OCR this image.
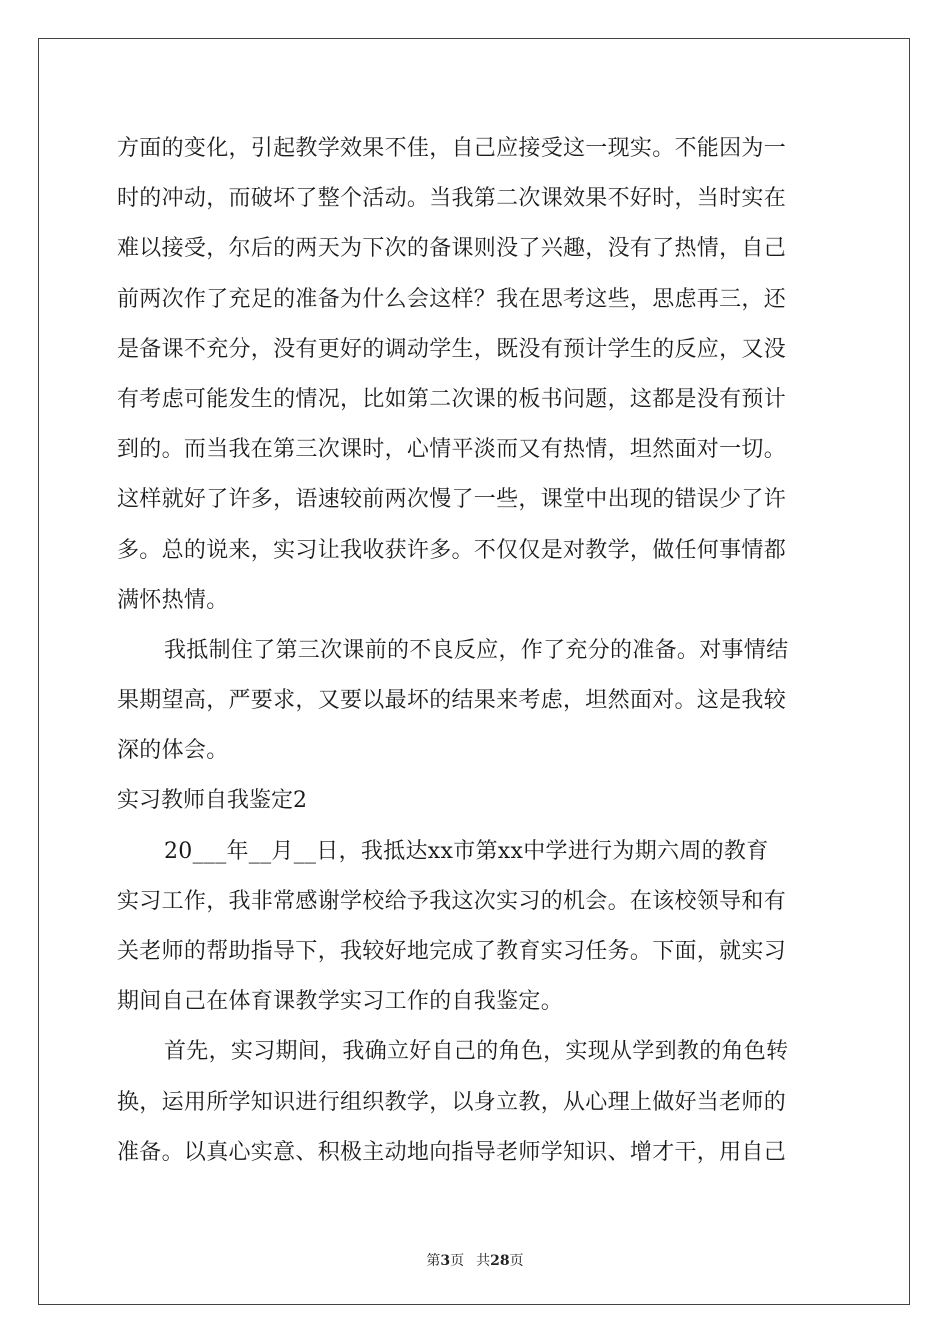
方面的变化，引起教学效果不佳，自己应接受这一现实。不能因为一
时的冲动，而破坏了整个活动。当我第二次课效果不好时，当时实在
难以接受，尔后的两天为下次的备课则没了兴趣，没有了热情，自己
前两次作了充足的准备为什么会这样？我在思考这些，思虑再三，还
是备课不充分，没有更好的调动学生，既没有预计学生的反应，又没
有考虑可能发生的情况，比如第二次课的板书问题，这都是没有预计
到的。而当我在第三次课时，心情平淡而又有热情，坦然面对一切。
这样就好了许多，语速较前两次慢了一些，课堂中出现的错误少了许
多。总的说来，实习让我收获许多。不仅仅是对教学，做任何事情都
满怀热情。
我抵制住了第三次课前的不良反应，作了充分的准备。对事情结
果期望高，严要求，又要以最坏的结果来考虑，坦然面对。这是我较
深的体会。
实习教师自我鉴定2
20___年__月__日，我抵达xx市第xx中学进行为期六周的教育
实习工作，我非常感谢学校给予我这次实习的机会。在该校领导和有
关老师的帮助指导下，我较好地完成了教育实习任务。下面，就实习
期间自己在体育课教学实习工作的自我鉴定。
首先，实习期间，我确立好自己的角色，实现从学到教的角色转
换，运用所学知识进行组织教学，以身立教，从心理上做好当老师的
准备。以真心实意、积极主动地向指导老师学知识、增才干，用自己
第3页 共28页
